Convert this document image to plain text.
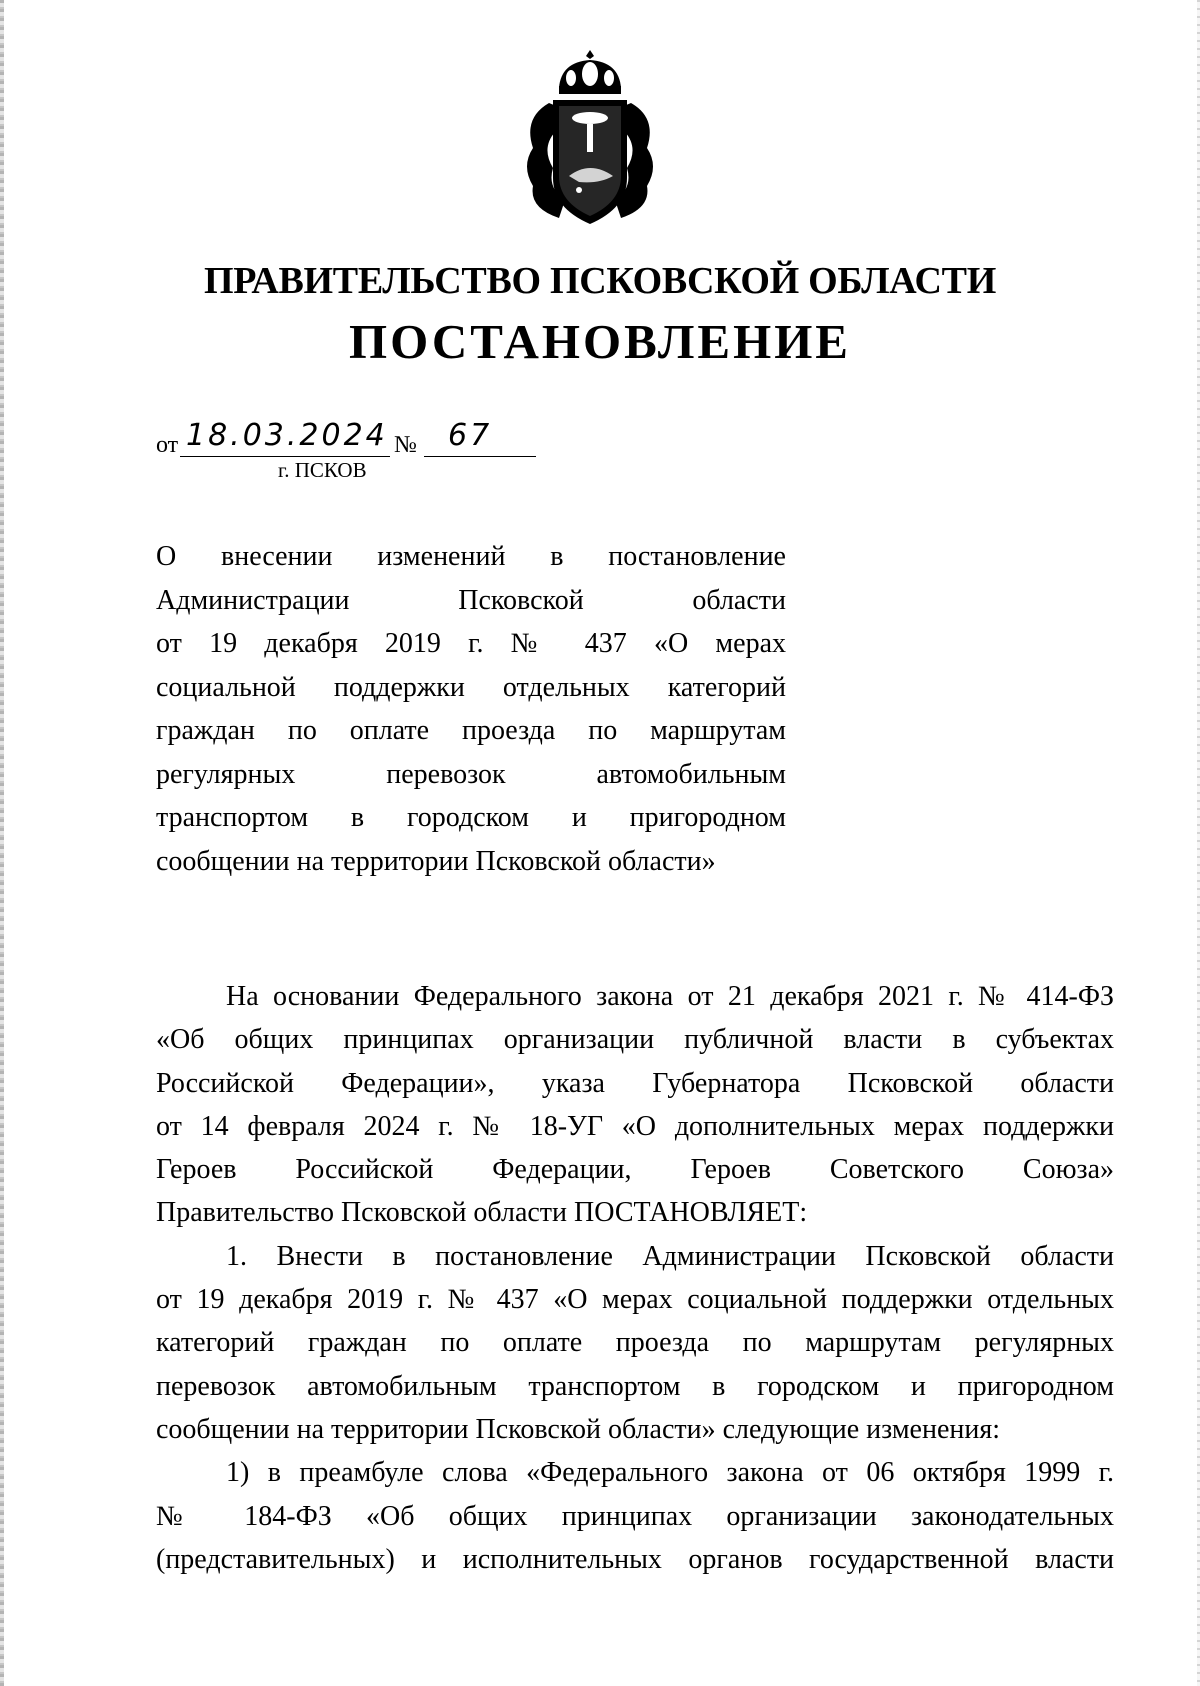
ПРАВИТЕЛЬСТВО ПСКОВСКОЙ ОБЛАСТИ
ПОСТАНОВЛЕНИЕ
от 18.03.2024 № 67
г. ПСКОВ

О внесении изменений в постановление

Администрации Псковской области

от 19 декабря 2019 г. № 437 «О мерах

социальной поддержки отдельных категорий

граждан по оплате проезда по маршрутам

регулярных перевозок автомобильным

транспортом в городском и пригородном

сообщении на территории Псковской области»

На основании Федерального закона от 21 декабря 2021 г. № 414-ФЗ

«Об общих принципах организации публичной власти в субъектах

Российской Федерации», указа Губернатора Псковской области

от 14 февраля 2024 г. № 18-УГ «О дополнительных мерах поддержки

Героев Российской Федерации, Героев Советского Союза»

Правительство Псковской области ПОСТАНОВЛЯЕТ:

1. Внести в постановление Администрации Псковской области

от 19 декабря 2019 г. № 437 «О мерах социальной поддержки отдельных

категорий граждан по оплате проезда по маршрутам регулярных

перевозок автомобильным транспортом в городском и пригородном

сообщении на территории Псковской области» следующие изменения:

1) в преамбуле слова «Федерального закона от 06 октября 1999 г.

№ 184-ФЗ «Об общих принципах организации законодательных

(представительных) и исполнительных органов государственной власти
